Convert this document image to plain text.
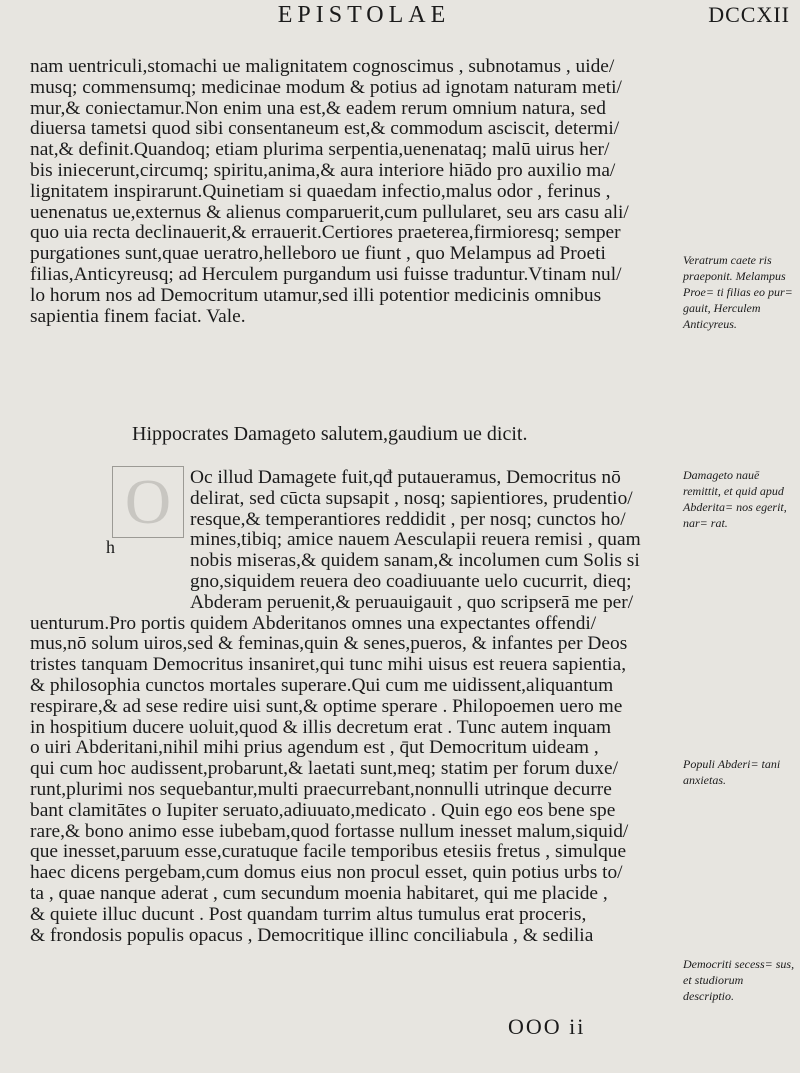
EPISTOLAE	DCCXII
nam uentriculi,stomachi ue malignitatem cognoscimus , subnotamus , uide/
musq; commensumq; medicinae modum & potius ad ignotam naturam meti/
mur,& coniectamur.Non enim una est,& eadem rerum omnium natura, sed
diuersa tametsi quod sibi consentaneum est,& commodum asciscit, determi/
nat,& definit.Quandoq; etiam plurima serpentia,uenenataq; malū uirus her/
bis iniecerunt,circumq; spiritu,anima,& aura interiore hiādo pro auxilio ma/
lignitatem inspirarunt.Quinetiam si quaedam infectio,malus odor , ferinus ,
uenenatus ue,externus & alienus comparuerit,cum pullularet, seu ars casu ali/
quo uia recta declinauerit,& errauerit.Certiores praeterea,firmioresq; semper
purgationes sunt,quae ueratro,helleboro ue fiunt , quo Melampus ad Proeti
filias,Anticyreusq; ad Herculem purgandum usi fuisse traduntur.Vtinam nul/
lo horum nos ad Democritum utamur,sed illi potentior medicinis omnibus
sapientia finem faciat. Vale.
Hippocrates Damageto salutem,gaudium ue dicit.
O
h
Oc illud Damagete fuit,qđ putaueramus, Democritus nō
delirat, sed cūcta supsapit , nosq; sapientiores, prudentio/
resque,& temperantiores reddidit , per nosq; cunctos ho/
mines,tibiq; amice nauem Aesculapii reuera remisi , quam
nobis miseras,& quidem sanam,& incolumen cum Solis si
gno,siquidem reuera deo coadiuuante uelo cucurrit, dieq;
Abderam peruenit,& peruauigauit , quo scripserā me per/
uenturum.Pro portis quidem Abderitanos omnes una expectantes offendi/
mus,nō solum uiros,sed & feminas,quin & senes,pueros, & infantes per Deos
tristes tanquam Democritus insaniret,qui tunc mihi uisus est reuera sapientia,
& philosophia cunctos mortales superare.Qui cum me uidissent,aliquantum
respirare,& ad sese redire uisi sunt,& optime sperare . Philopoemen uero me
in hospitium ducere uoluit,quod & illis decretum erat . Tunc autem inquam
o uiri Abderitani,nihil mihi prius agendum est , q̄ut Democritum uideam ,
qui cum hoc audissent,probarunt,& laetati sunt,meq; statim per forum duxe/
runt,plurimi nos sequebantur,multi praecurrebant,nonnulli utrinque decurre
bant clamitātes o Iupiter seruato,adiuuato,medicato . Quin ego eos bene spe
rare,& bono animo esse iubebam,quod fortasse nullum inesset malum,siquid/
que inesset,paruum esse,curatuque facile temporibus etesiis fretus , simulque
haec dicens pergebam,cum domus eius non procul esset, quin potius urbs to/
ta , quae nanque aderat , cum secundum moenia habitaret, qui me placide ,
& quiete illuc ducunt . Post quandam turrim altus tumulus erat proceris,
& frondosis populis opacus , Democritique illinc conciliabula , & sedilia
Veratrum caete ris praeponit. Melampus Proe= ti filias eo pur= gauit, Herculem Anticyreus.
Damageto nauē remittit, et quid apud Abderita= nos egerit, nar= rat.
Populi Abderi= tani anxietas.
Democriti secess= sus, et studiorum descriptio.
OOO ii
